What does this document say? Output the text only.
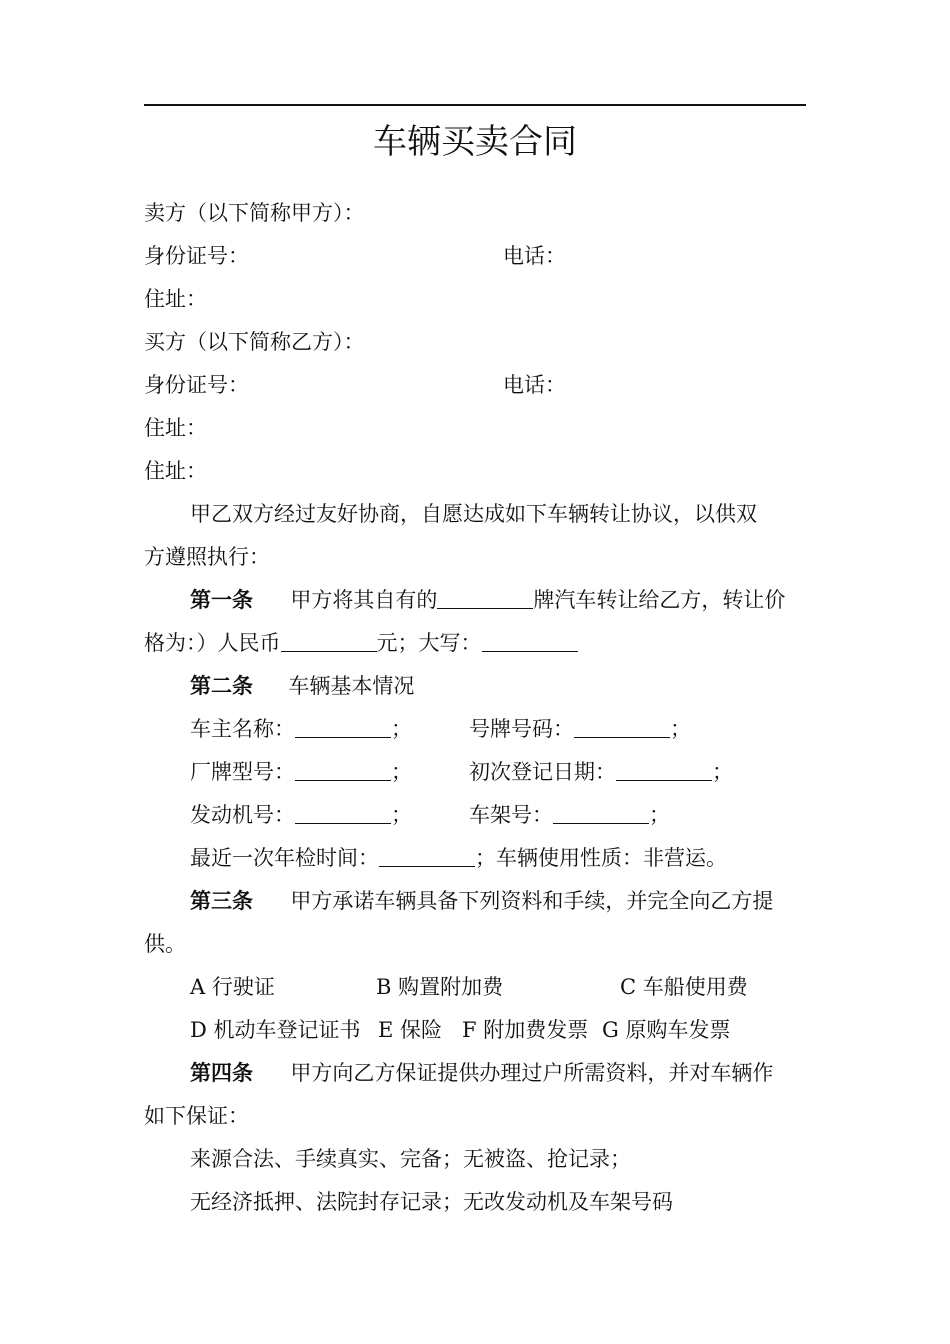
车辆买卖合同
卖方（以下简称甲方）：
身份证号：	电话：
住址：
买方（以下简称乙方）：
身份证号：	电话：
住址：
住址：
甲乙双方经过友好协商，自愿达成如下车辆转让协议，以供双
方遵照执行：
第一条 甲方将其自有的	牌汽车转让给乙方，转让价
格为：）人民币	元；大写：
第二条 车辆基本情况
车主名称：	；	号牌号码：	；
厂牌型号：	；	初次登记日期：	；
发动机号：	；	车架号：	；
最近一次年检时间：	；车辆使用性质：非营运。
第三条 甲方承诺车辆具备下列资料和手续，并完全向乙方提
供。
A 行驶证	B 购置附加费	C 车船使用费
D 机动车登记证书 E 保险 F 附加费发票 G 原购车发票
第四条 甲方向乙方保证提供办理过户所需资料，并对车辆作
如下保证：
来源合法、手续真实、完备；无被盗、抢记录；
无经济抵押、法院封存记录；无改发动机及车架号码
